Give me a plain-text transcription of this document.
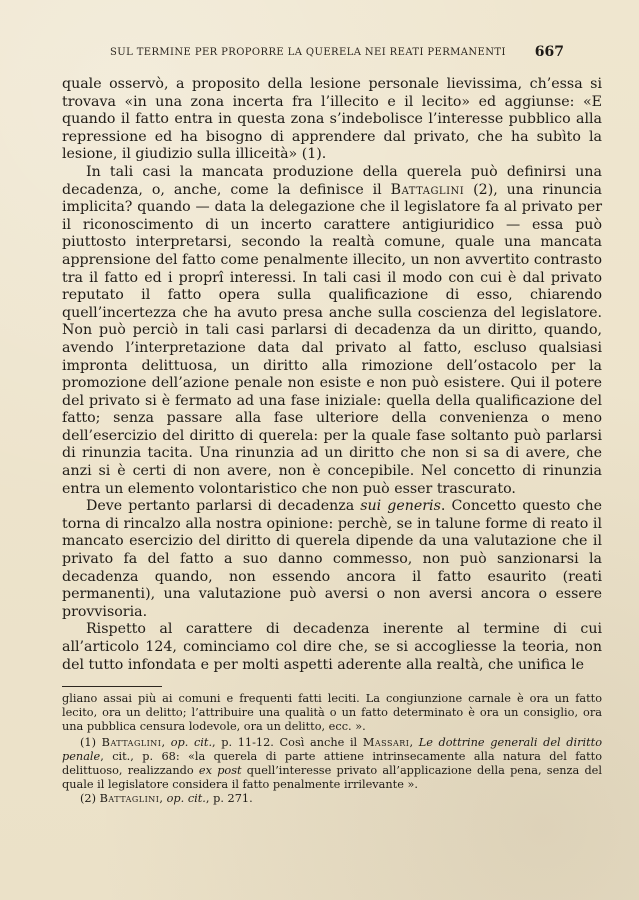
SUL TERMINE PER PROPORRE LA QUERELA NEI REATI PERMANENTI 667

quale osservò, a proposito della lesione personale lievissima, ch’essa si trovava «in una zona incerta fra l’illecito e il lecito» ed aggiunse: «E quando il fatto entra in questa zona s’indebolisce l’interesse pubblico alla repressione ed ha bisogno di apprendere dal privato, che ha subìto la lesione, il giudizio sulla illiceità» (1).

In tali casi la mancata produzione della querela può definirsi una decadenza, o, anche, come la definisce il Battaglini (2), una rinuncia implicita? quando — data la delegazione che il legislatore fa al privato per il riconoscimento di un incerto carattere antigiuridico — essa può piuttosto interpretarsi, secondo la realtà comune, quale una mancata apprensione del fatto come penalmente illecito, un non avvertito contrasto tra il fatto ed i proprî interessi. In tali casi il modo con cui è dal privato reputato il fatto opera sulla qualificazione di esso, chiarendo quell’incertezza che ha avuto presa anche sulla coscienza del legislatore. Non può perciò in tali casi parlarsi di decadenza da un diritto, quando, avendo l’interpretazione data dal privato al fatto, escluso qualsiasi impronta delittuosa, un diritto alla rimozione dell’ostacolo per la promozione dell’azione penale non esiste e non può esistere. Qui il potere del privato si è fermato ad una fase iniziale: quella della qualificazione del fatto; senza passare alla fase ulteriore della convenienza o meno dell’esercizio del diritto di querela: per la quale fase soltanto può parlarsi di rinunzia tacita. Una rinunzia ad un diritto che non si sa di avere, che anzi si è certi di non avere, non è concepibile. Nel concetto di rinunzia entra un elemento volontaristico che non può esser trascurato.

Deve pertanto parlarsi di decadenza sui generis. Concetto questo che torna di rincalzo alla nostra opinione: perchè, se in talune forme di reato il mancato esercizio del diritto di querela dipende da una valutazione che il privato fa del fatto a suo danno commesso, non può sanzionarsi la decadenza quando, non essendo ancora il fatto esaurito (reati permanenti), una valutazione può aversi o non aversi ancora o essere provvisoria.

Rispetto al carattere di decadenza inerente al termine di cui all’articolo 124, cominciamo col dire che, se si accogliesse la teoria, non del tutto infondata e per molti aspetti aderente alla realtà, che unifica le

gliano assai più ai comuni e frequenti fatti leciti. La congiunzione carnale è ora un fatto lecito, ora un delitto; l’attribuire una qualità o un fatto determinato è ora un consiglio, ora una pubblica censura lodevole, ora un delitto, ecc. ».

(1) Battaglini, op. cit., p. 11-12. Così anche il Massari, Le dottrine generali del diritto penale, cit., p. 68: «la querela di parte attiene intrinsecamente alla natura del fatto delittuoso, realizzando ex post quell’interesse privato all’applicazione della pena, senza del quale il legislatore considera il fatto penalmente irrilevante ».

(2) Battaglini, op. cit., p. 271.
